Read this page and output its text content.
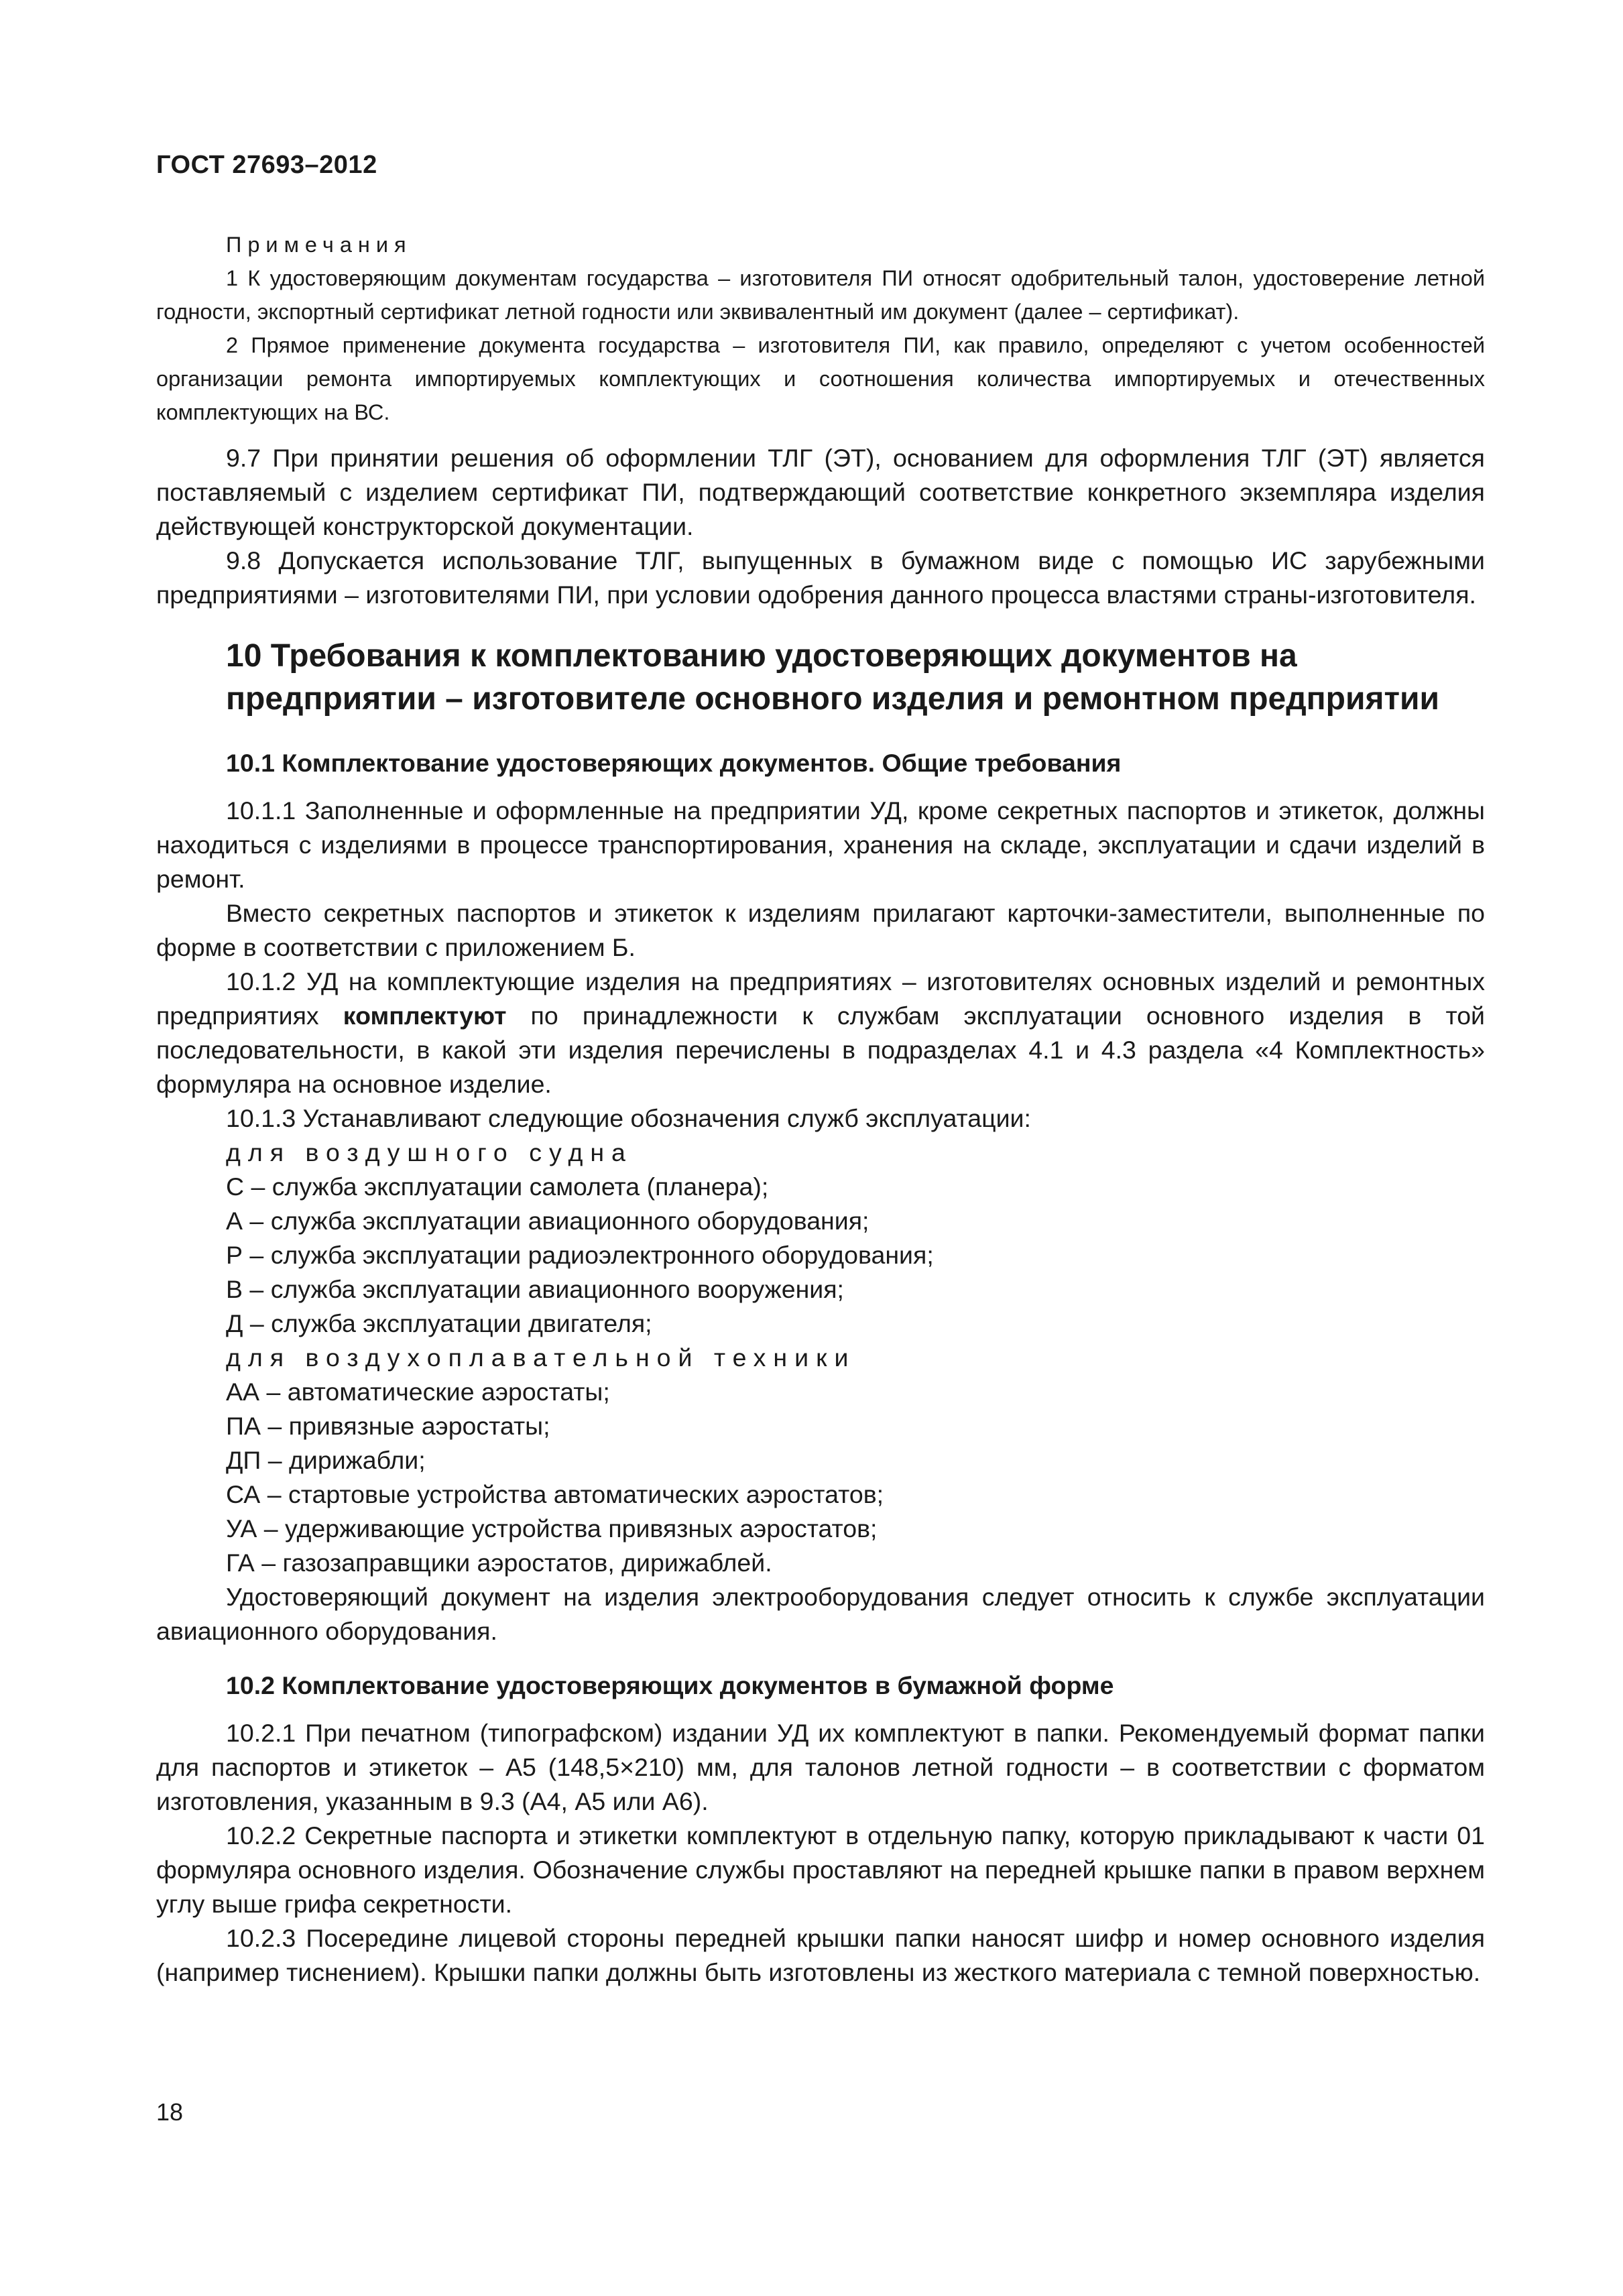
ГОСТ 27693–2012

Примечания

1 К удостоверяющим документам государства – изготовителя ПИ относят одобрительный талон, удостоверение летной годности, экспортный сертификат летной годности или эквивалентный им документ (далее – сертификат).

2 Прямое применение документа государства – изготовителя ПИ, как правило, определяют с учетом особенностей организации ремонта импортируемых комплектующих и соотношения количества импортируемых и отечественных комплектующих на ВС.

9.7 При принятии решения об оформлении ТЛГ (ЭТ), основанием для оформления ТЛГ (ЭТ) является поставляемый с изделием сертификат ПИ, подтверждающий соответствие конкретного экземпляра изделия действующей конструкторской документации.

9.8 Допускается использование ТЛГ, выпущенных в бумажном виде с помощью ИС зарубежными предприятиями – изготовителями ПИ, при условии одобрения данного процесса властями страны-изготовителя.

10 Требования к комплектованию удостоверяющих документов на предприятии – изготовителе основного изделия и ремонтном предприятии
10.1 Комплектование удостоверяющих документов. Общие требования

10.1.1 Заполненные и оформленные на предприятии УД, кроме секретных паспортов и этикеток, должны находиться с изделиями в процессе транспортирования, хранения на складе, эксплуатации и сдачи изделий в ремонт.

Вместо секретных паспортов и этикеток к изделиям прилагают карточки-заместители, выполненные по форме в соответствии с приложением Б.

10.1.2 УД на комплектующие изделия на предприятиях – изготовителях основных изделий и ремонтных предприятиях комплектуют по принадлежности к службам эксплуатации основного изделия в той последовательности, в какой эти изделия перечислены в подразделах 4.1 и 4.3 раздела «4 Комплектность» формуляра на основное изделие.

10.1.3 Устанавливают следующие обозначения служб эксплуатации:

для воздушного судна

С – служба эксплуатации самолета (планера);

А – служба эксплуатации авиационного оборудования;

Р – служба эксплуатации радиоэлектронного оборудования;

В – служба эксплуатации авиационного вооружения;

Д – служба эксплуатации двигателя;

для воздухоплавательной техники

АА – автоматические аэростаты;

ПА – привязные аэростаты;

ДП – дирижабли;

СА – стартовые устройства автоматических аэростатов;

УА – удерживающие устройства привязных аэростатов;

ГА – газозаправщики аэростатов, дирижаблей.

Удостоверяющий документ на изделия электрооборудования следует относить к службе эксплуатации авиационного оборудования.

10.2 Комплектование удостоверяющих документов в бумажной форме

10.2.1 При печатном (типографском) издании УД их комплектуют в папки. Рекомендуемый формат папки для паспортов и этикеток – А5 (148,5×210) мм, для талонов летной годности – в соответствии с форматом изготовления, указанным в 9.3 (А4, А5 или А6).

10.2.2 Секретные паспорта и этикетки комплектуют в отдельную папку, которую прикладывают к части 01 формуляра основного изделия. Обозначение службы проставляют на передней крышке папки в правом верхнем углу выше грифа секретности.

10.2.3 Посередине лицевой стороны передней крышки папки наносят шифр и номер основного изделия (например тиснением). Крышки папки должны быть изготовлены из жесткого материала с темной поверхностью.

18
